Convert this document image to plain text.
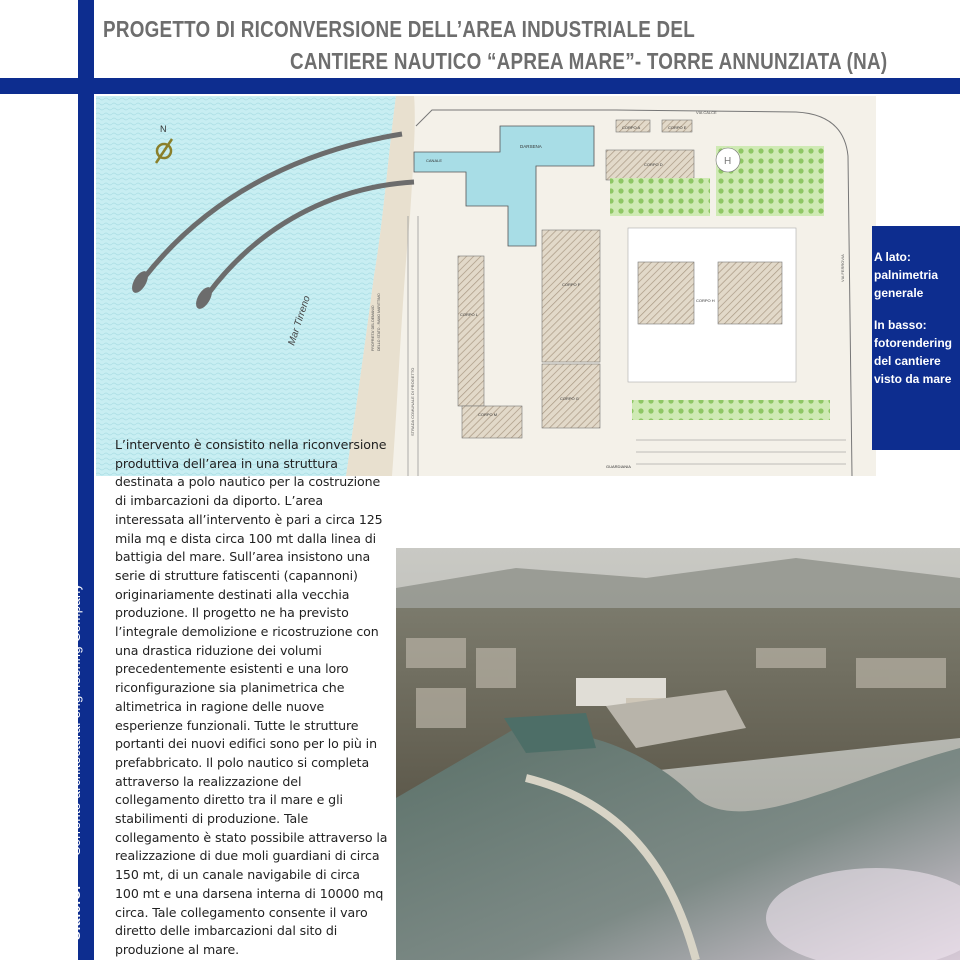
PROGETTO DI RICONVERSIONE DELL’AREA INDUSTRIALE DEL
CANTIERE NAUTICO “APREA MARE”- TORRE ANNUNZIATA (NA)
S.a.e.C. Sorrento architectural engineering Company
N
Mar Tirreno
DARSENA
CANALE
STRADA COMUNALE DI PROGETTO
PROPRIETA' DEL DEMANIO DELLO STATO - RAMO MARITTIMO
VIA CALCE
VIA FERROVIA
CORPO D
CORPO A	CORPO E
CORPO F
CORPO G
CORPO L
CORPO M
CORPO H
H
GUARDIANIA
A lato:
palnimetria
generale
In basso:
fotorendering
del cantiere
visto da mare
L’intervento è consistito nella riconversione
produttiva dell’area in una struttura
destinata a polo nautico per la costruzione
di imbarcazioni da diporto. L’area
interessata all’intervento è pari a circa 125
mila mq e dista circa 100 mt dalla linea di
battigia del mare. Sull’area insistono una
serie di strutture fatiscenti (capannoni)
originariamente destinati alla vecchia
produzione. Il progetto ne ha previsto
l’integrale demolizione e ricostruzione con
una drastica riduzione dei volumi
precedentemente esistenti e una loro
riconfigurazione sia planimetrica che
altimetrica in ragione delle nuove
esperienze funzionali. Tutte le strutture
portanti dei nuovi edifici sono per lo più in
prefabbricato. Il polo nautico si completa
attraverso la realizzazione del
collegamento diretto tra il mare e gli
stabilimenti di produzione. Tale
collegamento è stato possibile attraverso la
realizzazione di due moli guardiani di circa
150 mt, di un canale navigabile di circa
100 mt e una darsena interna di 10000 mq
circa. Tale collegamento consente il varo
diretto delle imbarcazioni dal sito di
produzione al mare.
